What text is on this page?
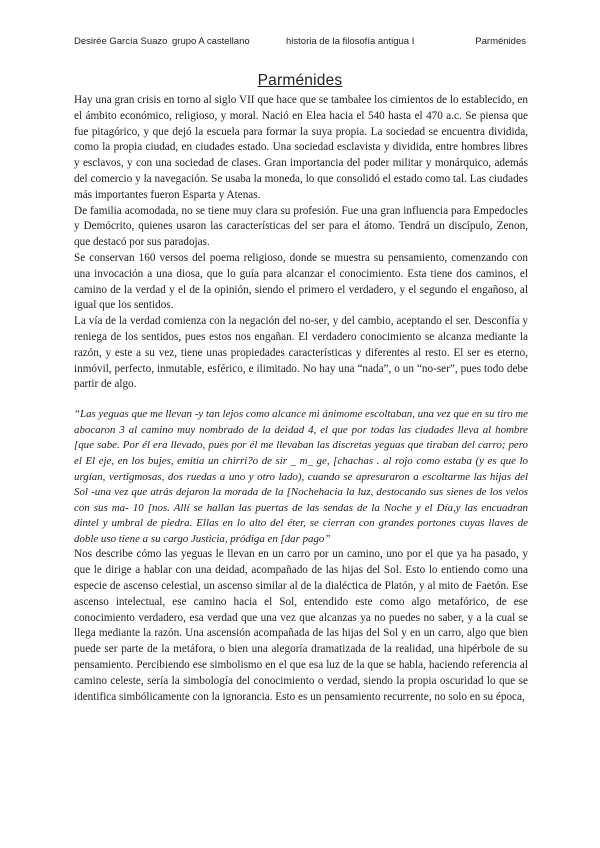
Desirée García Suazo grupo A castellano	historia de la filosofía antigua I	Parménides
Parménides

Hay una gran crisis en torno al siglo VII que hace que se tambalee los cimientos de lo establecido, en el ámbito económico, religioso, y moral. Nació en Elea hacia el 540 hasta el 470 a.c. Se piensa que fue pitagórico, y que dejó la escuela para formar la suya propia. La sociedad se encuentra dividida, como la propia ciudad, en ciudades estado. Una sociedad esclavista y dividida, entre hombres libres y esclavos, y con una sociedad de clases. Gran importancia del poder militar y monárquico, además del comercio y la navegación. Se usaba la moneda, lo que consolidó el estado como tal. Las ciudades más importantes fueron Esparta y Atenas.

De familia acomodada, no se tiene muy clara su profesión. Fue una gran influencia para Empedocles y Demócrito, quienes usaron las características del ser para el átomo. Tendrá un discípulo, Zenon, que destacó por sus paradojas.

Se conservan 160 versos del poema religioso, donde se muestra su pensamiento, comenzando con una invocación a una diosa, que lo guía para alcanzar el conocimiento. Esta tiene dos caminos, el camino de la verdad y el de la opinión, siendo el primero el verdadero, y el segundo el engañoso, al igual que los sentidos.

La vía de la verdad comienza con la negación del no-ser, y del cambio, aceptando el ser. Desconfía y reniega de los sentidos, pues estos nos engañan. El verdadero conocimiento se alcanza mediante la razón, y este a su vez, tiene unas propiedades características y diferentes al resto. El ser es eterno, inmóvil, perfecto, inmutable, esférico, e ilimitado. No hay una “nada”, o un “no-ser”, pues todo debe partir de algo.

“Las yeguas que me llevan -y tan lejos como alcance mi ánimome escoltaban, una vez que en su tiro me abocaron 3 al camino muy nombrado de la deidad 4, el que por todas las ciudades lleva al hombre [que sabe. Por él era llevado, pues por él me llevaban las discretas yeguas que tiraban del carro; pero el El eje, en los bujes, emitía un chirri?o de sir _ m_ ge, [chachas . al rojo como estaba (y es que lo urgían, vertigmosas, dos ruedas a uno y otro lado), cuando se apresuraron a escoltarme las hijas del Sol -una vez que atrás dejaron la morada de la [Nochehacia la luz, destocando sus sienes de los velos con sus ma- 10 [nos. Allí se hallan las puertas de las sendas de la Noche y el Día,y las encuadran dintel y umbral de piedra. Ellas en lo alto del éter, se cierran con grandes portones cuyas llaves de doble uso tiene a su cargo Justicia, pródiga en [dar pago”

Nos describe cómo las yeguas le llevan en un carro por un camino, uno por el que ya ha pasado, y que le dirige a hablar con una deidad, acompañado de las hijas del Sol. Esto lo entiendo como una especie de ascenso celestial, un ascenso similar al de la dialéctica de Platón, y al mito de Faetón. Ese ascenso intelectual, ese camino hacia el Sol, entendido este como algo metafórico, de ese conocimiento verdadero, esa verdad que una vez que alcanzas ya no puedes no saber, y a la cual se llega mediante la razón. Una ascensión acompañada de las hijas del Sol y en un carro, algo que bien puede ser parte de la metáfora, o bien una alegoría dramatizada de la realidad, una hipérbole de su pensamiento. Percibiendo ese simbolismo en el que esa luz de la que se habla, haciendo referencia al camino celeste, sería la simbología del conocimiento o verdad, siendo la propia oscuridad lo que se identifica simbólicamente con la ignorancia. Esto es un pensamiento recurrente, no solo en su época,
